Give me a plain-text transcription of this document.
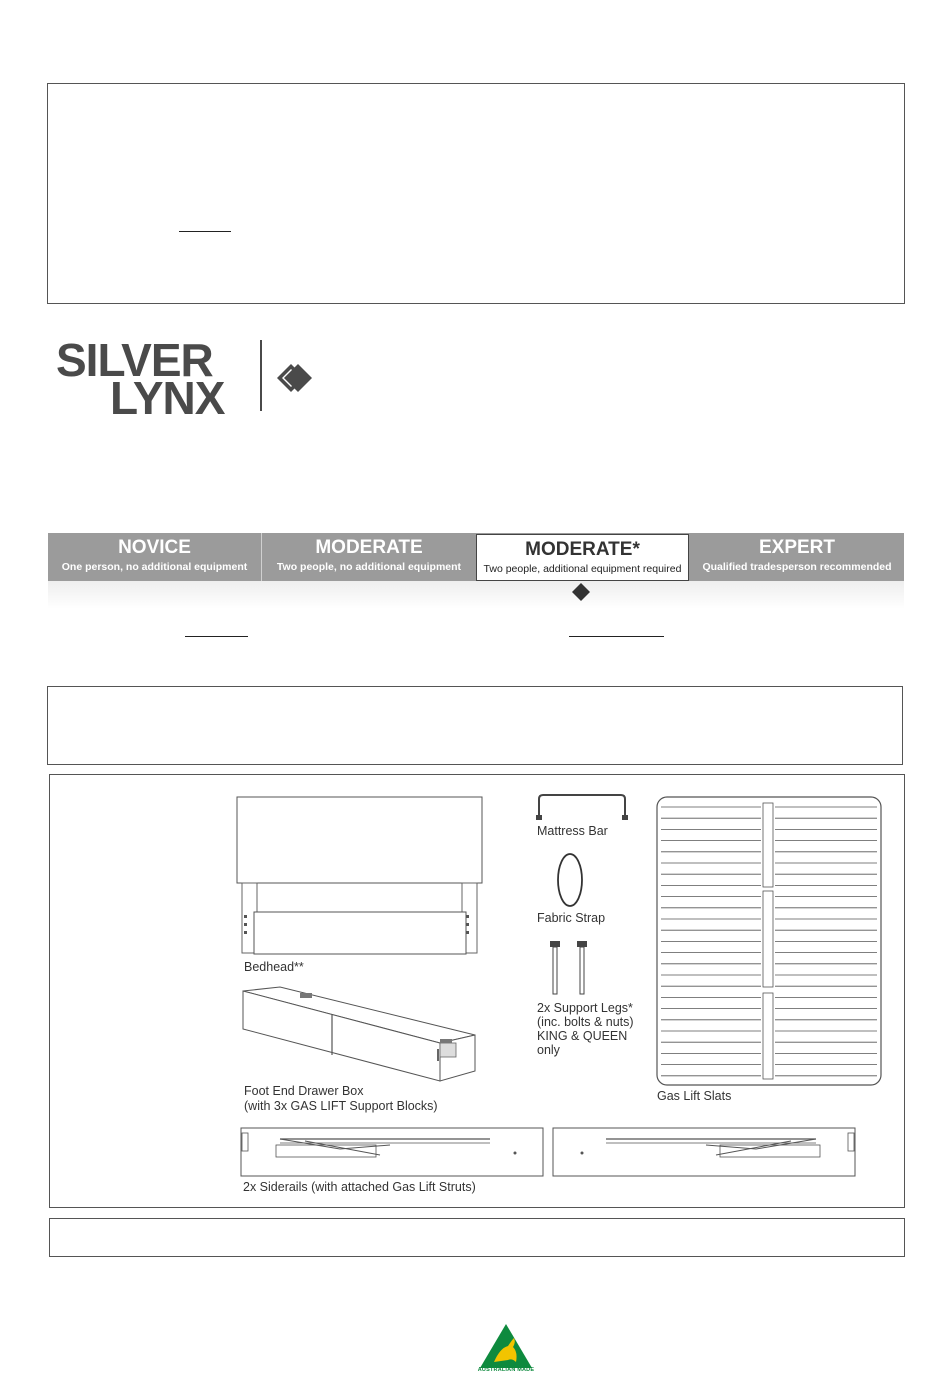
SILVER
LYNX
NOVICE
One person, no additional equipment
MODERATE
Two people, no additional equipment
MODERATE*
Two people, additional equipment required
EXPERT
Qualified tradesperson recommended
Bedhead**
Foot End Drawer Box
(with 3x GAS LIFT Support Blocks)
Mattress Bar
Fabric Strap
2x Support Legs*
(inc. bolts & nuts)
KING & QUEEN
only
Gas Lift Slats
2x Siderails (with attached Gas Lift Struts)
AUSTRALIAN MADE
